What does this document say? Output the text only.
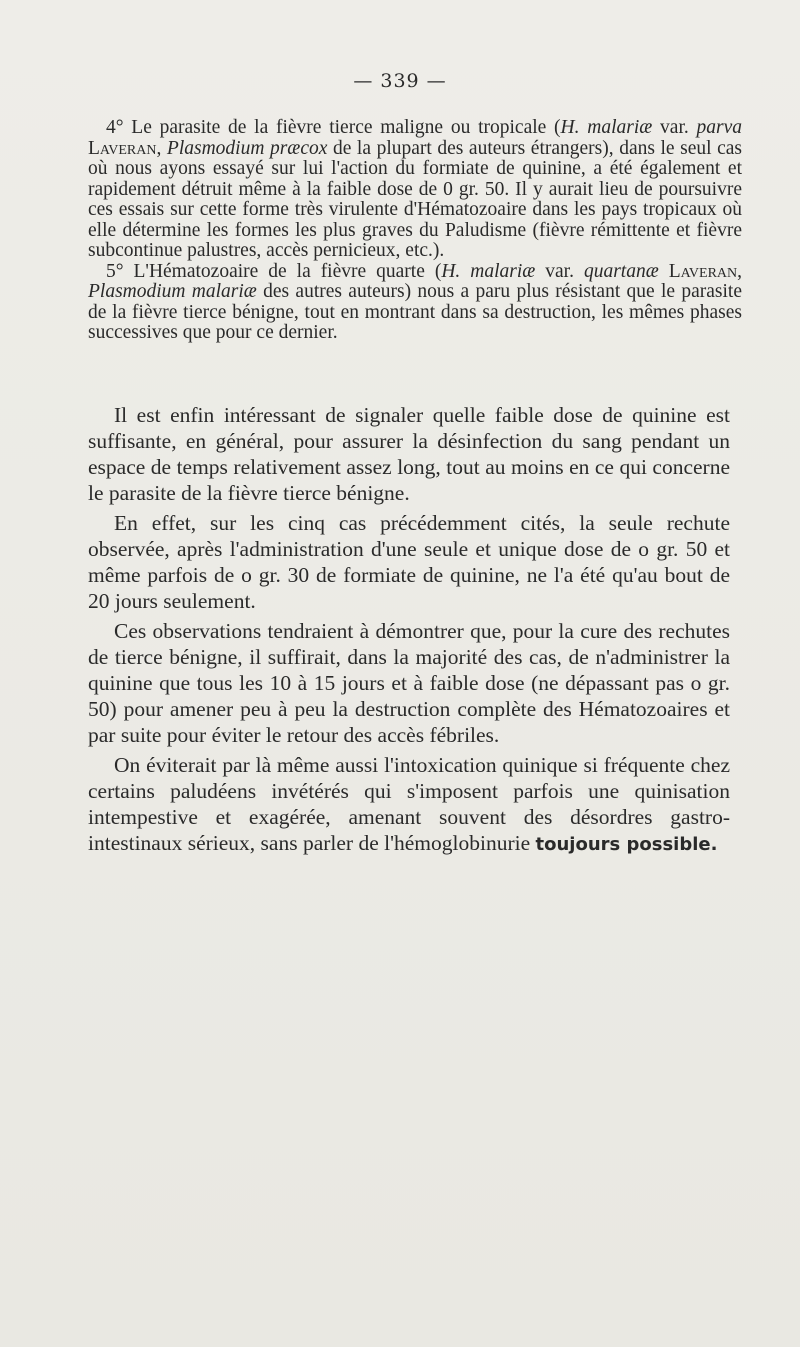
— 339 —

4° Le parasite de la fièvre tierce maligne ou tropicale (H. malariæ var. parva Laveran, Plasmodium præcox de la plupart des auteurs étrangers), dans le seul cas où nous ayons essayé sur lui l'action du formiate de quinine, a été également et rapidement détruit même à la faible dose de 0 gr. 50. Il y aurait lieu de poursuivre ces essais sur cette forme très virulente d'Hématozoaire dans les pays tropicaux où elle détermine les formes les plus graves du Paludisme (fièvre rémittente et fièvre subcontinue palustres, accès pernicieux, etc.).

5° L'Hématozoaire de la fièvre quarte (H. malariæ var. quartanæ Laveran, Plasmodium malariæ des autres auteurs) nous a paru plus résistant que le parasite de la fièvre tierce bénigne, tout en montrant dans sa destruction, les mêmes phases successives que pour ce dernier.

Il est enfin intéressant de signaler quelle faible dose de quinine est suffisante, en général, pour assurer la désinfection du sang pendant un espace de temps relativement assez long, tout au moins en ce qui concerne le parasite de la fièvre tierce bénigne.

En effet, sur les cinq cas précédemment cités, la seule rechute observée, après l'administration d'une seule et unique dose de o gr. 50 et même parfois de o gr. 30 de formiate de quinine, ne l'a été qu'au bout de 20 jours seulement.

Ces observations tendraient à démontrer que, pour la cure des rechutes de tierce bénigne, il suffirait, dans la majorité des cas, de n'administrer la quinine que tous les 10 à 15 jours et à faible dose (ne dépassant pas o gr. 50) pour amener peu à peu la destruction complète des Hématozoaires et par suite pour éviter le retour des accès fébriles.

On éviterait par là même aussi l'intoxication quinique si fréquente chez certains paludéens invétérés qui s'imposent parfois une quinisation intempestive et exagérée, amenant souvent des désordres gastro-intestinaux sérieux, sans parler de l'hémoglobinurie toujours possible.
